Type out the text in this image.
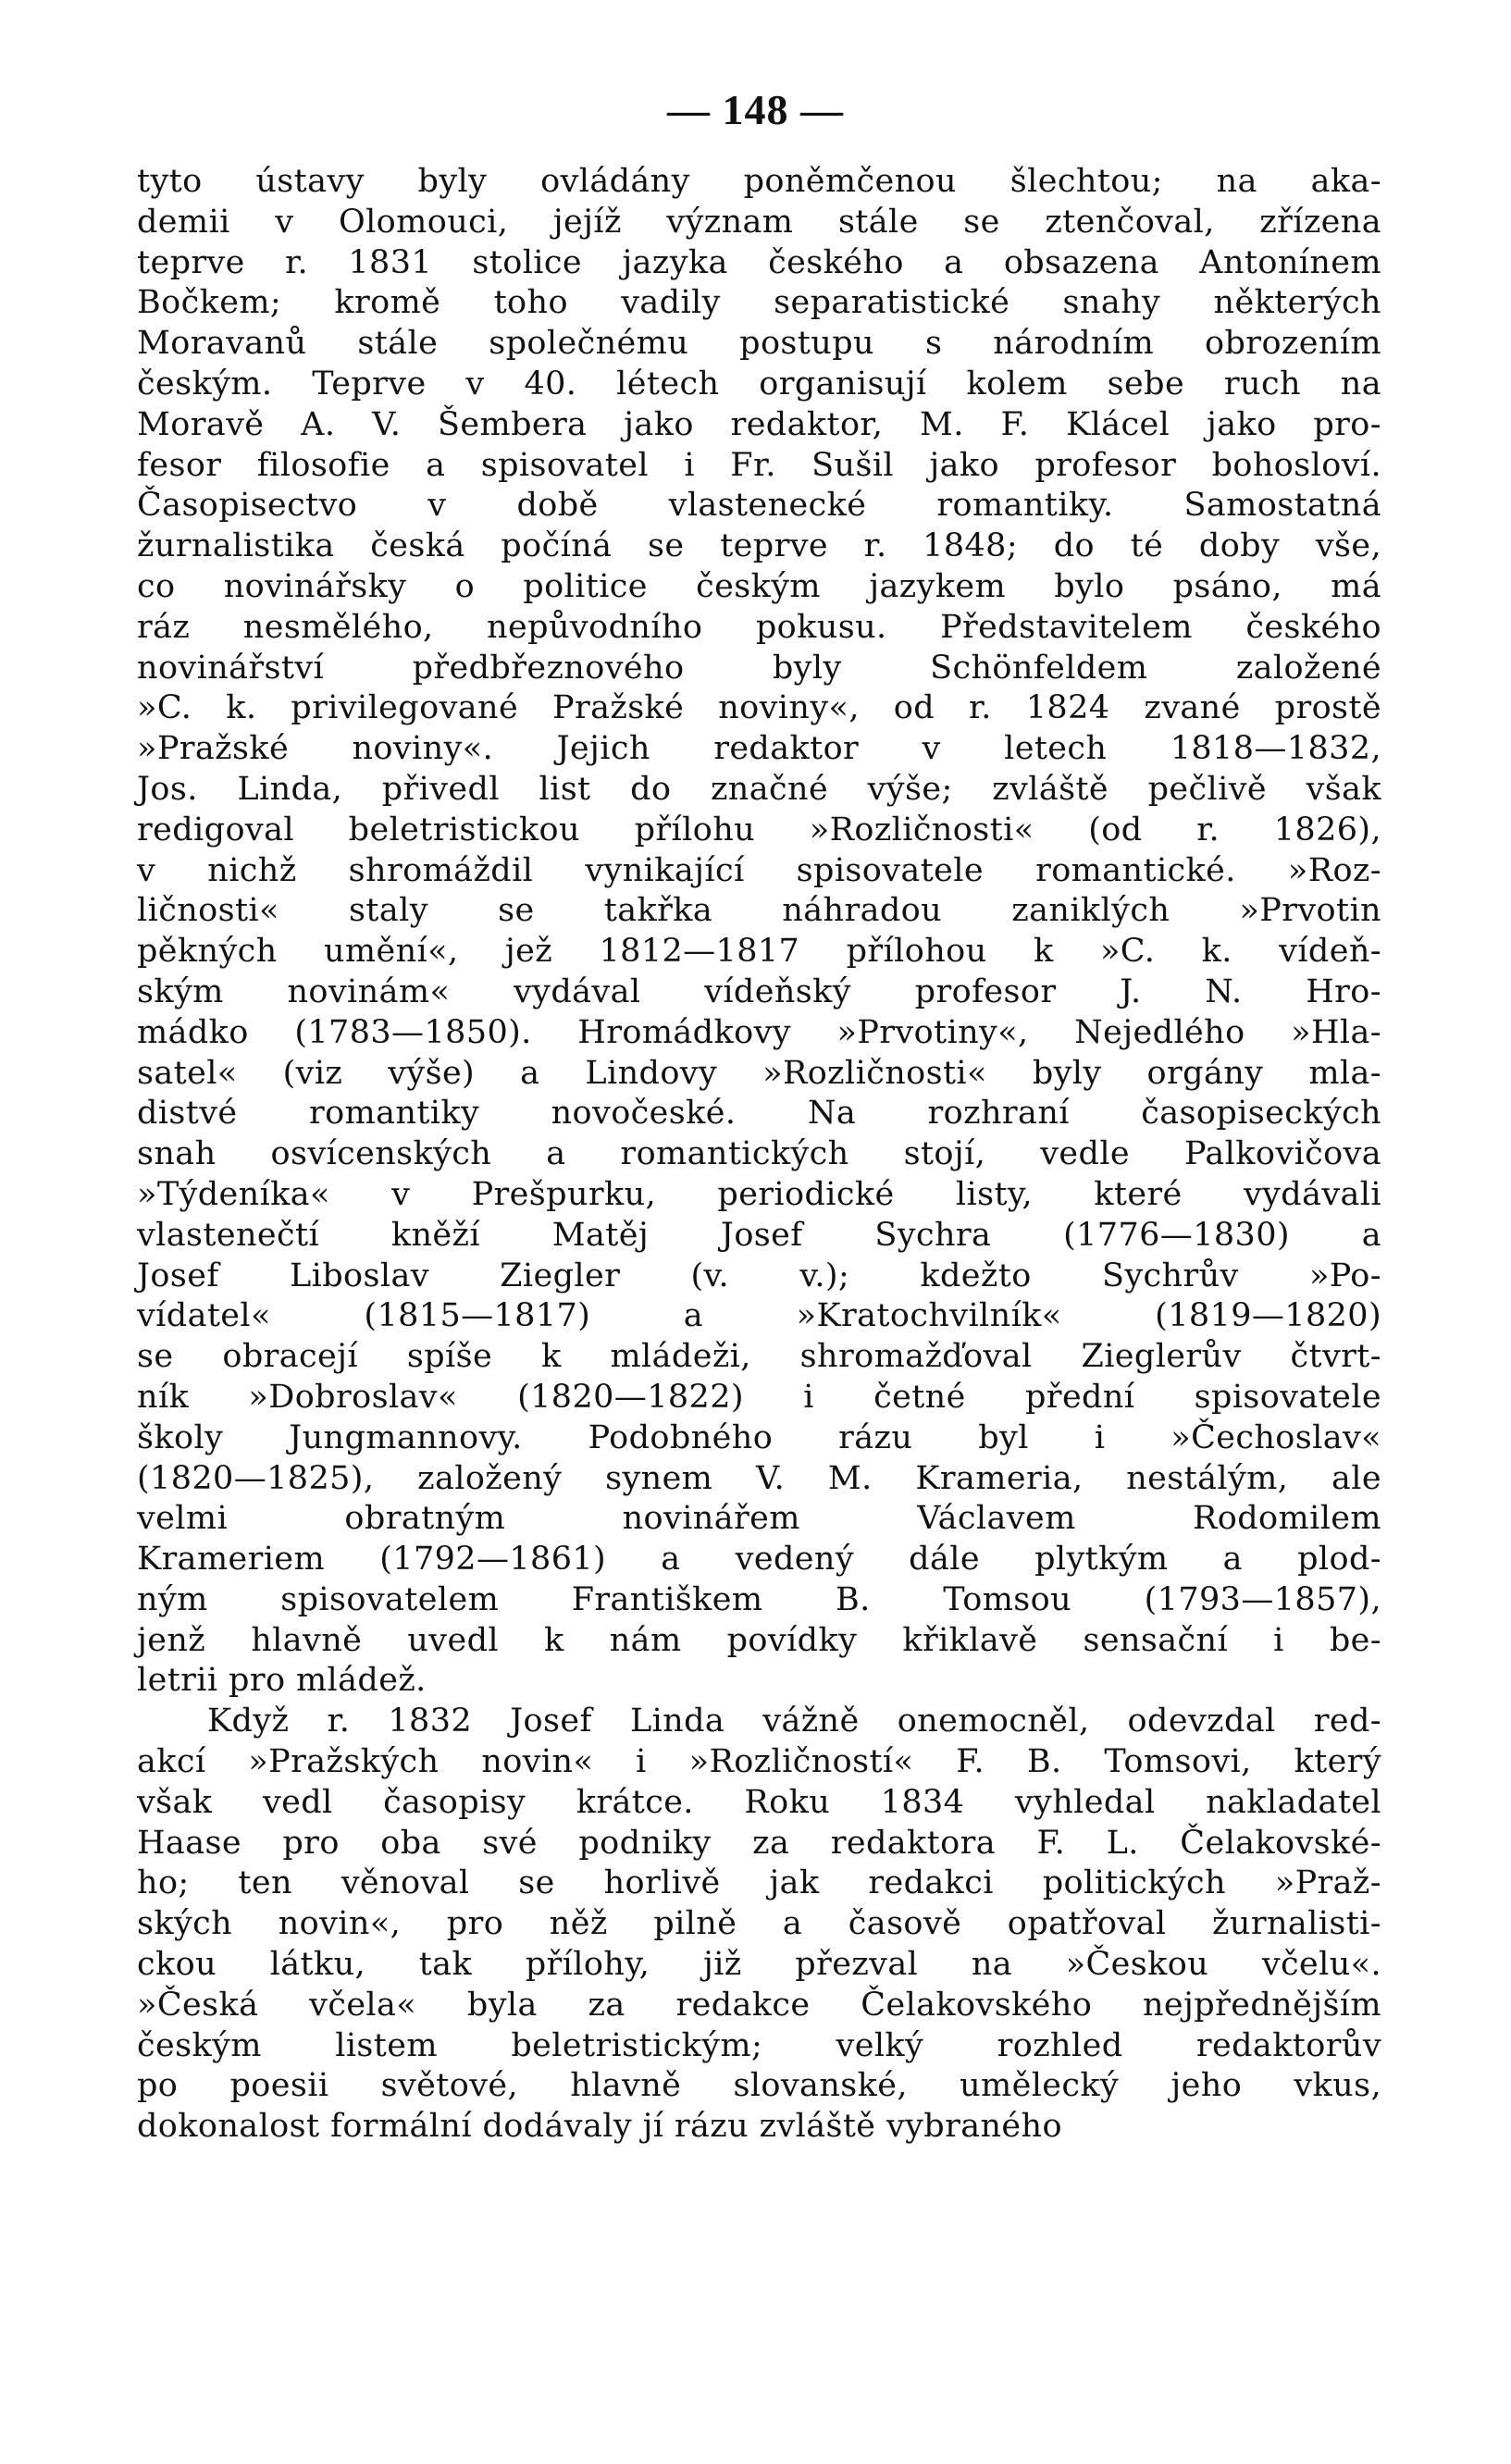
— 148 —
tyto ústavy byly ovládány poněmčenou šlechtou; na aka-
demii v Olomouci, jejíž význam stále se ztenčoval, zřízena
teprve r. 1831 stolice jazyka českého a obsazena Antonínem
Bočkem; kromě toho vadily separatistické snahy některých
Moravanů stále společnému postupu s národním obrozením
českým. Teprve v 40. létech organisují kolem sebe ruch na
Moravě A. V. Šembera jako redaktor, M. F. Klácel jako pro-
fesor filosofie a spisovatel i Fr. Sušil jako profesor bohosloví.
Časopisectvo v době vlastenecké romantiky. Samostatná
žurnalistika česká počíná se teprve r. 1848; do té doby vše,
co novinářsky o politice českým jazykem bylo psáno, má
ráz nesmělého, nepůvodního pokusu. Představitelem českého
novinářství předbřeznového byly Schönfeldem založené
»C. k. privilegované Pražské noviny«, od r. 1824 zvané prostě
»Pražské noviny«. Jejich redaktor v letech 1818—1832,
Jos. Linda, přivedl list do značné výše; zvláště pečlivě však
redigoval beletristickou přílohu »Rozličnosti« (od r. 1826),
v nichž shromáždil vynikající spisovatele romantické. »Roz-
ličnosti« staly se takřka náhradou zaniklých »Prvotin
pěkných umění«, jež 1812—1817 přílohou k »C. k. vídeň-
ským novinám« vydával vídeňský profesor J. N. Hro-
mádko (1783—1850). Hromádkovy »Prvotiny«, Nejedlého »Hla-
satel« (viz výše) a Lindovy »Rozličnosti« byly orgány mla-
distvé romantiky novočeské. Na rozhraní časopiseckých
snah osvícenských a romantických stojí, vedle Palkovičova
»Týdeníka« v Prešpurku, periodické listy, které vydávali
vlastenečtí kněží Matěj Josef Sychra (1776—1830) a
Josef Liboslav Ziegler (v. v.); kdežto Sychrův »Po-
vídatel« (1815—1817) a »Kratochvilník« (1819—1820)
se obracejí spíše k mládeži, shromažďoval Zieglerův čtvrt-
ník »Dobroslav« (1820—1822) i četné přední spisovatele
školy Jungmannovy. Podobného rázu byl i »Čechoslav«
(1820—1825), založený synem V. M. Krameria, nestálým, ale
velmi obratným novinářem Václavem Rodomilem
Krameriem (1792—1861) a vedený dále plytkým a plod-
ným spisovatelem Františkem B. Tomsou (1793—1857),
jenž hlavně uvedl k nám povídky křiklavě sensační i be-
letrii pro mládež.
Když r. 1832 Josef Linda vážně onemocněl, odevzdal red-
akcí »Pražských novin« i »Rozličností« F. B. Tomsovi, který
však vedl časopisy krátce. Roku 1834 vyhledal nakladatel
Haase pro oba své podniky za redaktora F. L. Čelakovské-
ho; ten věnoval se horlivě jak redakci politických »Praž-
ských novin«, pro něž pilně a časově opatřoval žurnalisti-
ckou látku, tak přílohy, již přezval na »Českou včelu«.
»Česká včela« byla za redakce Čelakovského nejpřednějším
českým listem beletristickým; velký rozhled redaktorův
po poesii světové, hlavně slovanské, umělecký jeho vkus,
dokonalost formální dodávaly jí rázu zvláště vybraného
